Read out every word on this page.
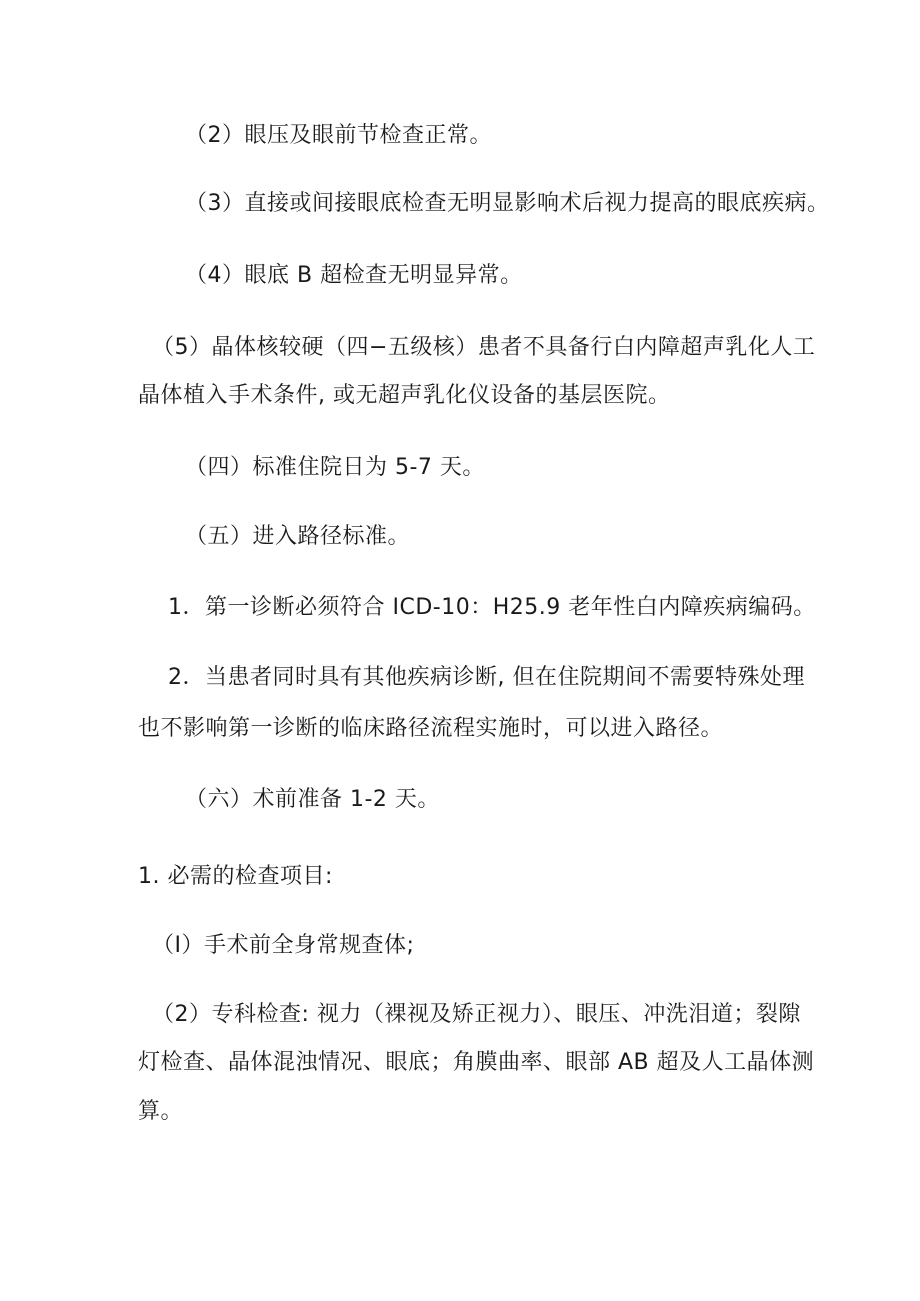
（2）眼压及眼前节检查正常。
（3）直接或间接眼底检查无明显影响术后视力提高的眼底疾病。
（4）眼底 B 超检查无明显异常。
（5）晶体核较硬（四−五级核）患者不具备行白内障超声乳化人工
晶体植入手术条件, 或无超声乳化仪设备的基层医院。
（四）标准住院日为 5-7 天。
（五）进入路径标准。
1．第一诊断必须符合 ICD-10：H25.9 老年性白内障疾病编码。
2．当患者同时具有其他疾病诊断, 但在住院期间不需要特殊处理
也不影响第一诊断的临床路径流程实施时，可以进入路径。
（六）术前准备 1-2 天。
1. 必需的检查项目:
（I）手术前全身常规查体;
（2）专科检查: 视力（裸视及矫正视力）、眼压、冲洗泪道；裂隙
灯检查、晶体混浊情况、眼底；角膜曲率、眼部 AB 超及人工晶体测
算。
